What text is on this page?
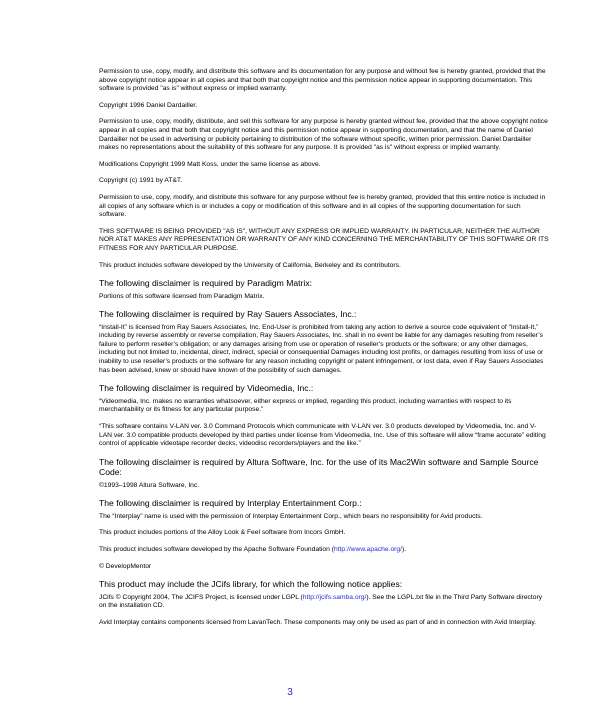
Permission to use, copy, modify, and distribute this software and its documentation for any purpose and without fee is hereby granted, provided that the above copyright notice appear in all copies and that both that copyright notice and this permission notice appear in supporting documentation. This software is provided "as is" without express or implied warranty.

Copyright 1996 Daniel Dardailler.

Permission to use, copy, modify, distribute, and sell this software for any purpose is hereby granted without fee, provided that the above copyright notice appear in all copies and that both that copyright notice and this permission notice appear in supporting documentation, and that the name of Daniel Dardailler not be used in advertising or publicity pertaining to distribution of the software without specific, written prior permission. Daniel Dardailler makes no representations about the suitability of this software for any purpose. It is provided "as is" without express or implied warranty.

Modifications Copyright 1999 Matt Koss, under the same license as above.

Copyright (c) 1991 by AT&T.

Permission to use, copy, modify, and distribute this software for any purpose without fee is hereby granted, provided that this entire notice is included in all copies of any software which is or includes a copy or modification of this software and in all copies of the supporting documentation for such software.

THIS SOFTWARE IS BEING PROVIDED "AS IS", WITHOUT ANY EXPRESS OR IMPLIED WARRANTY. IN PARTICULAR, NEITHER THE AUTHOR NOR AT&T MAKES ANY REPRESENTATION OR WARRANTY OF ANY KIND CONCERNING THE MERCHANTABILITY OF THIS SOFTWARE OR ITS FITNESS FOR ANY PARTICULAR PURPOSE.

This product includes software developed by the University of California, Berkeley and its contributors.

The following disclaimer is required by Paradigm Matrix:

Portions of this software licensed from Paradigm Matrix.

The following disclaimer is required by Ray Sauers Associates, Inc.:

“Install-It” is licensed from Ray Sauers Associates, Inc. End-User is prohibited from taking any action to derive a source code equivalent of “Install-It,” including by reverse assembly or reverse compilation, Ray Sauers Associates, Inc. shall in no event be liable for any damages resulting from reseller’s failure to perform reseller’s obligation; or any damages arising from use or operation of reseller’s products or the software; or any other damages, including but not limited to, incidental, direct, indirect, special or consequential Damages including lost profits, or damages resulting from loss of use or inability to use reseller’s products or the software for any reason including copyright or patent infringement, or lost data, even if Ray Sauers Associates has been advised, knew or should have known of the possibility of such damages.

The following disclaimer is required by Videomedia, Inc.:

“Videomedia, Inc. makes no warranties whatsoever, either express or implied, regarding this product, including warranties with respect to its merchantability or its fitness for any particular purpose.”

“This software contains V-LAN ver. 3.0 Command Protocols which communicate with V-LAN ver. 3.0 products developed by Videomedia, Inc. and V-LAN ver. 3.0 compatible products developed by third parties under license from Videomedia, Inc. Use of this software will allow “frame accurate” editing control of applicable videotape recorder decks, videodisc recorders/players and the like.”

The following disclaimer is required by Altura Software, Inc. for the use of its Mac2Win software and Sample Source Code:

©1993–1998 Altura Software, Inc.

The following disclaimer is required by Interplay Entertainment Corp.:

The “Interplay” name is used with the permission of Interplay Entertainment Corp., which bears no responsibility for Avid products.

This product includes portions of the Alloy Look & Feel software from Incors GmbH.

This product includes software developed by the Apache Software Foundation (http://www.apache.org/).

© DevelopMentor

This product may include the JCifs library, for which the following notice applies:

JCifs © Copyright 2004, The JCIFS Project, is licensed under LGPL (http://jcifs.samba.org/). See the LGPL.txt file in the Third Party Software directory on the installation CD.

Avid Interplay contains components licensed from LavanTech. These components may only be used as part of and in connection with Avid Interplay.

3
